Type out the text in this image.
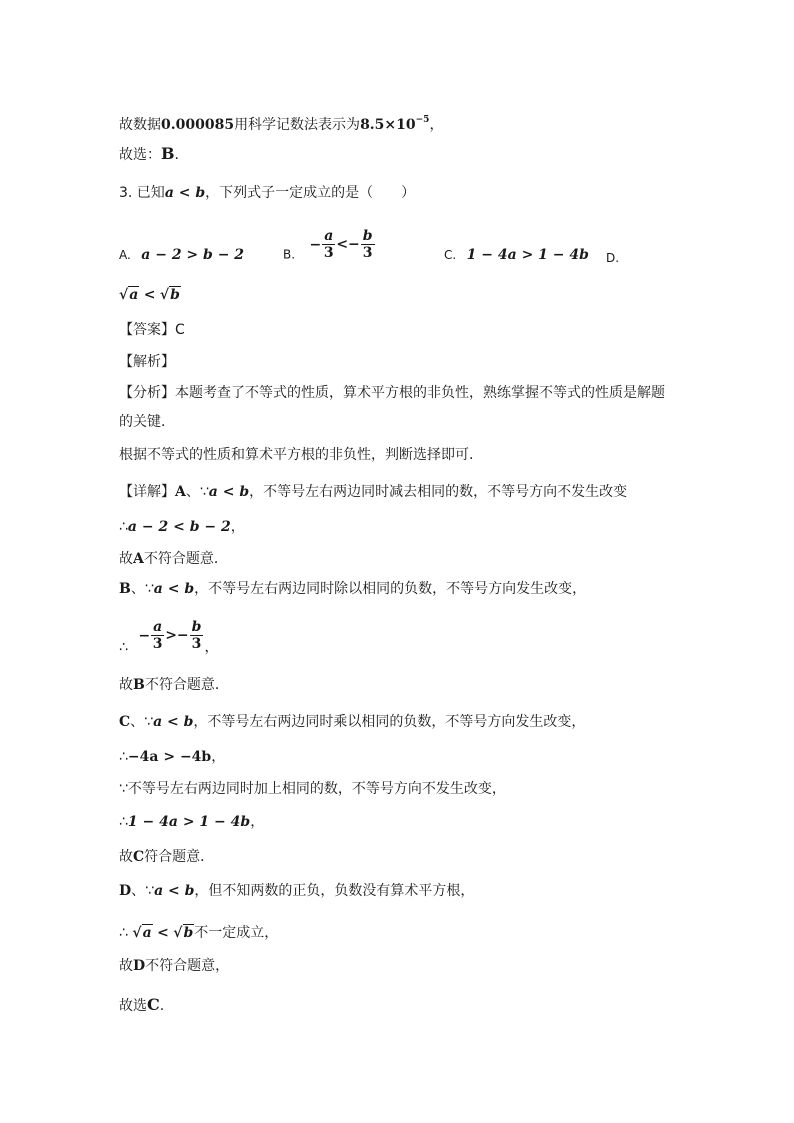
故数据0.000085用科学记数法表示为$8.5\times 10^{-5}$，
故选：B.
3. 已知a < b，下列式子一定成立的是（　　）
A. a − 2 > b − 2	B. − $\frac{a}{3} <- \frac{b}{3}$	C. 1 − 4a > 1 − 4b D.
√a < √b
【答案】C
【解析】
【分析】本题考查了不等式的性质，算术平方根的非负性，熟练掌握不等式的性质是解题
的关键．
根据不等式的性质和算术平方根的非负性，判断选择即可．
【详解】A、∵a < b，不等号左右两边同时减去相同的数，不等号方向不发生改变
∴a − 2 < b − 2，
故A不符合题意．
B、∵a < b，不等号左右两边同时除以相同的负数，不等号方向发生改变，
∴ − $\frac{a}{3} >- \frac{b}{3}$ ，
故B不符合题意．
C、∵a < b，不等号左右两边同时乘以相同的负数，不等号方向发生改变，
∴−4a > −4b，
∵不等号左右两边同时加上相同的数，不等号方向不发生改变，
∴1 − 4a > 1 − 4b，
故C符合题意．
D、∵a < b，但不知两数的正负，负数没有算术平方根，
∴ √a < √b不一定成立，
故D不符合题意，
故选C.
